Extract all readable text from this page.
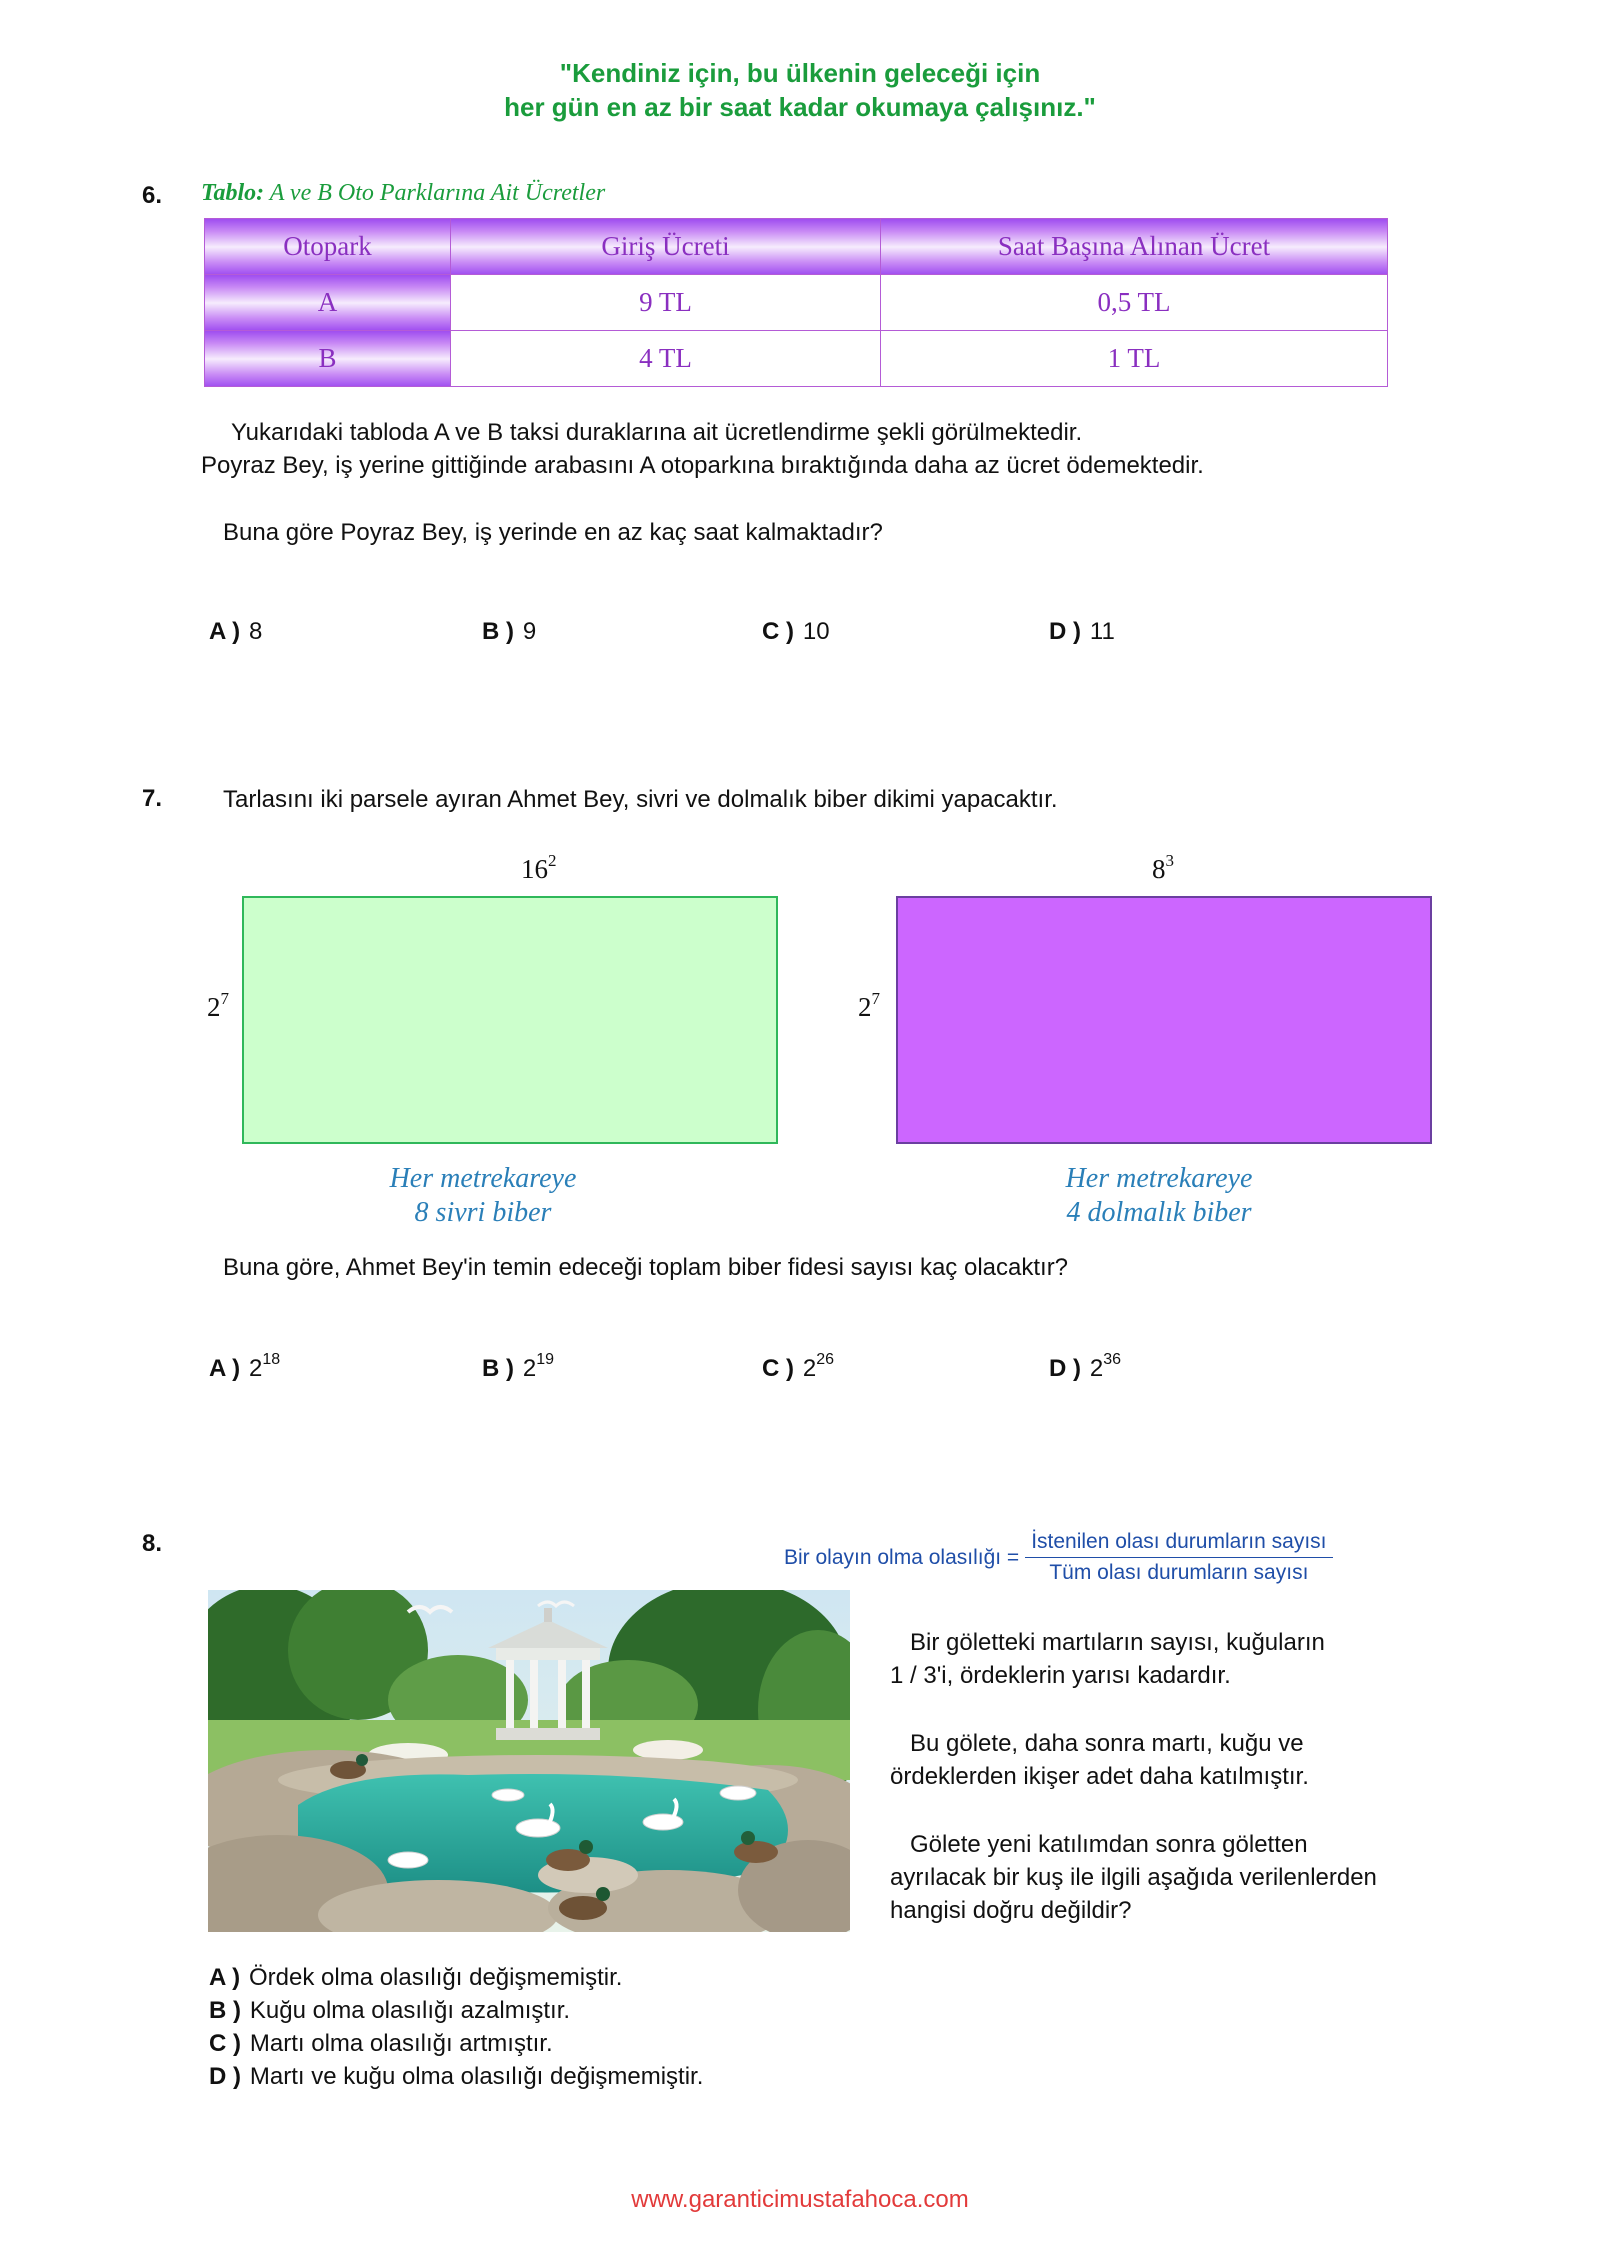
"Kendiniz için, bu ülkenin geleceği için
her gün en az bir saat kadar okumaya çalışınız."
6. Tablo: A ve B Oto Parklarına Ait Ücretler
Otopark	Giriş Ücreti	Saat Başına Alınan Ücret
A	9 TL	0,5 TL
B	4 TL	1 TL
Yukarıdaki tabloda A ve B taksi duraklarına ait ücretlendirme şekli görülmektedir.
Poyraz Bey, iş yerine gittiğinde arabasını A otoparkına bıraktığında daha az ücret ödemektedir.
Buna göre Poyraz Bey, iş yerinde en az kaç saat kalmaktadır?
A ) 8	B ) 9	C ) 10	D ) 11
7.	Tarlasını iki parsele ayıran Ahmet Bey, sivri ve dolmalık biber dikimi yapacaktır.
$16^2$
$2^7$
$8^3$
$2^7$
Her metrekareye
8 sivri biber
Her metrekareye
4 dolmalık biber
Buna göre, Ahmet Bey'in temin edeceği toplam biber fidesi sayısı kaç olacaktır?
A ) $2^{18}$	B ) $2^{19}$	C ) $2^{26}$	D ) $2^{36}$
8.	Bir olayın olma olasılığı = $\frac{\text{İstenilen olası durumların sayısı}}{\text{Tüm olası durumların sayısı}}$
Bir göletteki martıların sayısı, kuğuların
1 / 3'i, ördeklerin yarısı kadardır.
Bu gölete, daha sonra martı, kuğu ve
ördeklerden ikişer adet daha katılmıştır.
Gölete yeni katılımdan sonra göletten
ayrılacak bir kuş ile ilgili aşağıda verilenlerden
hangisi doğru değildir?
A ) Ördek olma olasılığı değişmemiştir.
B ) Kuğu olma olasılığı azalmıştır.
C ) Martı olma olasılığı artmıştır.
D ) Martı ve kuğu olma olasılığı değişmemiştir.
www.garanticimustafahoca.com
